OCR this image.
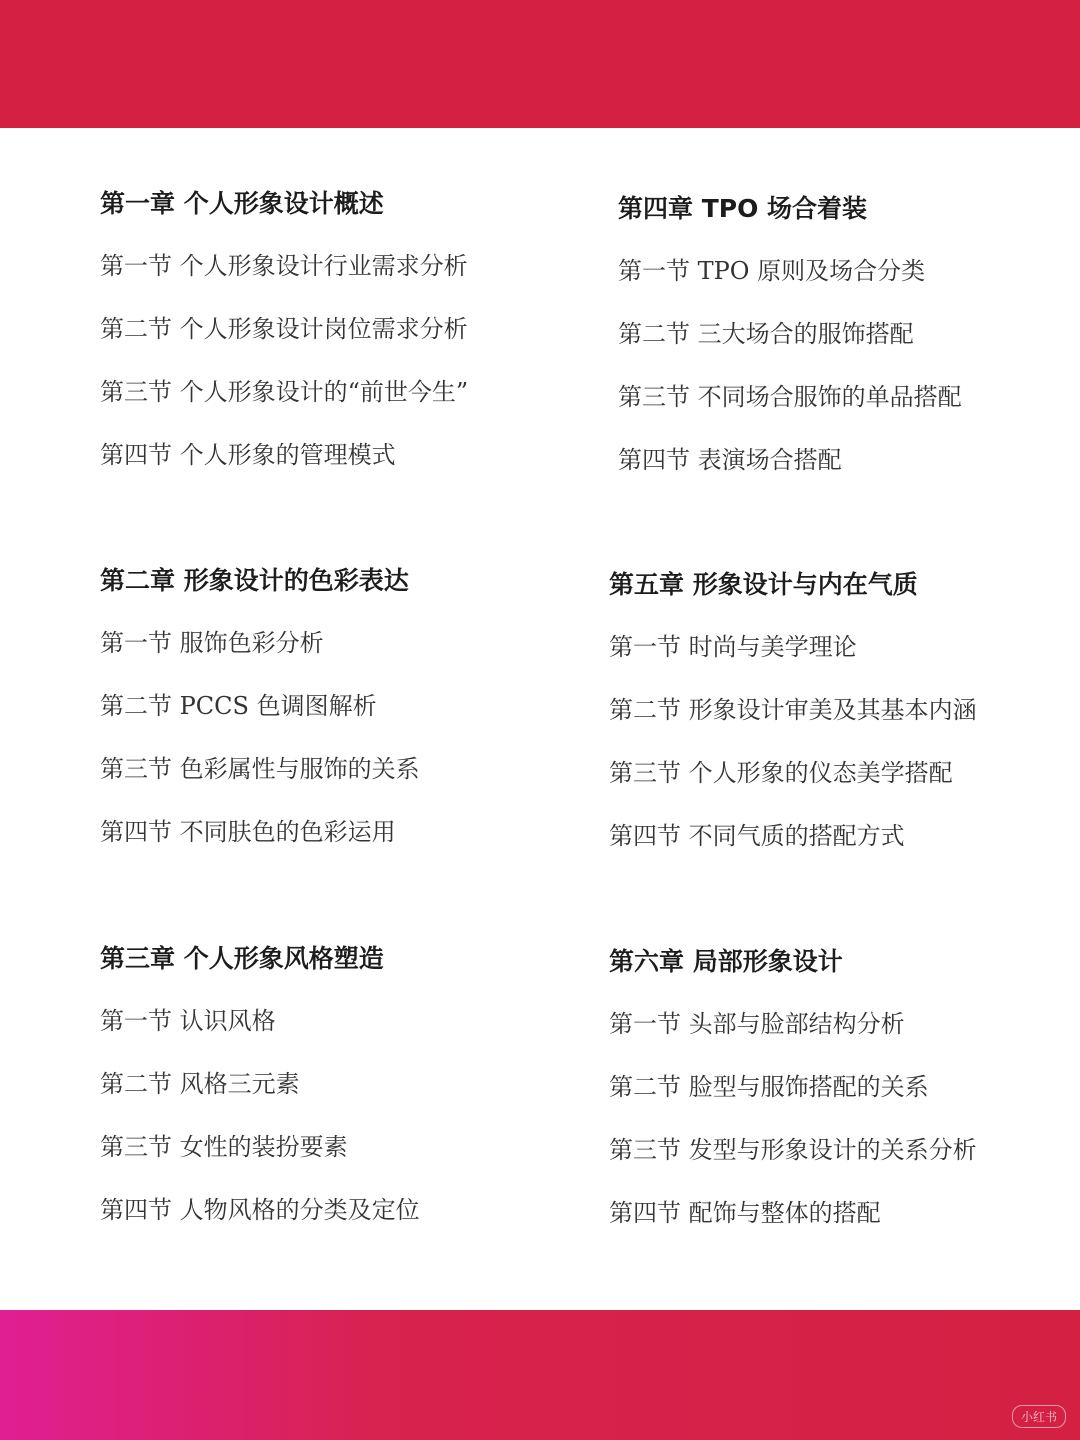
第一章 个人形象设计概述
第一节 个人形象设计行业需求分析
第二节 个人形象设计岗位需求分析
第三节 个人形象设计的“前世今生”
第四节 个人形象的管理模式
第二章 形象设计的色彩表达
第一节 服饰色彩分析
第二节 PCCS 色调图解析
第三节 色彩属性与服饰的关系
第四节 不同肤色的色彩运用
第三章 个人形象风格塑造
第一节 认识风格
第二节 风格三元素
第三节 女性的装扮要素
第四节 人物风格的分类及定位
第四章 TPO 场合着装
第一节 TPO 原则及场合分类
第二节 三大场合的服饰搭配
第三节 不同场合服饰的单品搭配
第四节 表演场合搭配
第五章 形象设计与内在气质
第一节 时尚与美学理论
第二节 形象设计审美及其基本内涵
第三节 个人形象的仪态美学搭配
第四节 不同气质的搭配方式
第六章 局部形象设计
第一节 头部与脸部结构分析
第二节 脸型与服饰搭配的关系
第三节 发型与形象设计的关系分析
第四节 配饰与整体的搭配
小红书
